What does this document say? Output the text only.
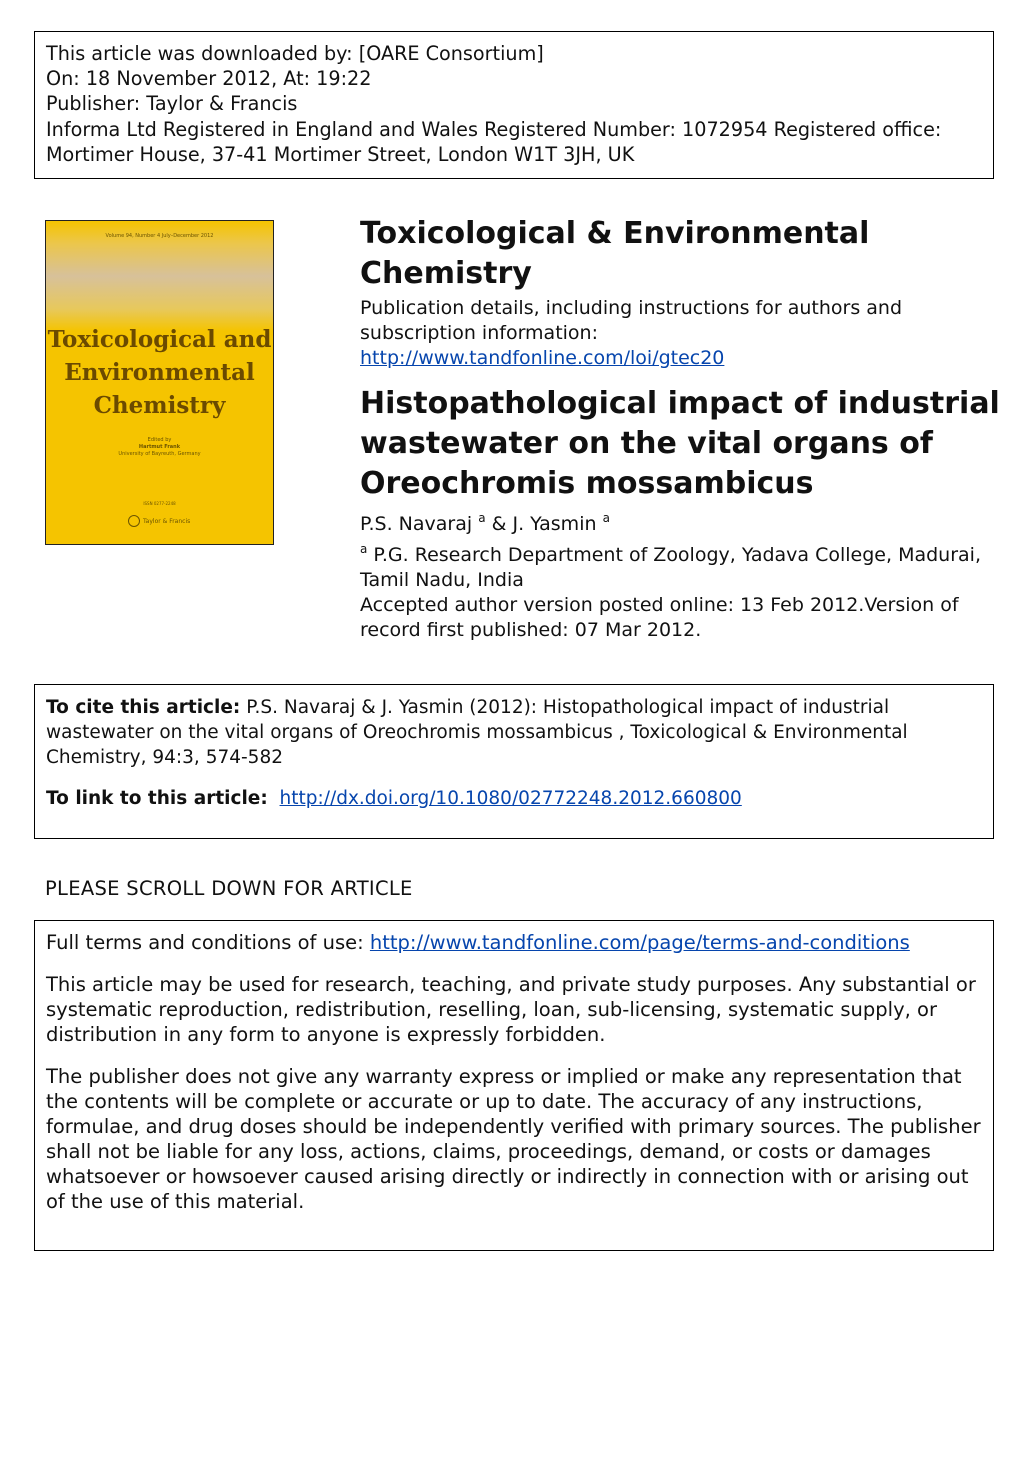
This article was downloaded by: [OARE Consortium]
On: 18 November 2012, At: 19:22
Publisher: Taylor & Francis
Informa Ltd Registered in England and Wales Registered Number: 1072954 Registered office: Mortimer House, 37-41 Mortimer Street, London W1T 3JH, UK
Volume 94, Number 4 July–December 2012
Toxicological and
Environmental
Chemistry
Edited by
Hartmut Frank
University of Bayreuth, Germany
ISSN 0277-2248
Taylor & Francis
Toxicological & Environmental Chemistry
Publication details, including instructions for authors and subscription information:
http://www.tandfonline.com/loi/gtec20
Histopathological impact of industrial wastewater on the vital organs of Oreochromis mossambicus
P.S. Navaraj $^a$ & J. Yasmin $^a$
$^a$ P.G. Research Department of Zoology, Yadava College, Madurai, Tamil Nadu, India
Accepted author version posted online: 13 Feb 2012.Version of record first published: 07 Mar 2012.
To cite this article: P.S. Navaraj & J. Yasmin (2012): Histopathological impact of industrial wastewater on the vital organs of Oreochromis mossambicus , Toxicological & Environmental Chemistry, 94:3, 574-582
To link to this article: http://dx.doi.org/10.1080/02772248.2012.660800
PLEASE SCROLL DOWN FOR ARTICLE

Full terms and conditions of use: http://www.tandfonline.com/page/terms-and-conditions

This article may be used for research, teaching, and private study purposes. Any substantial or systematic reproduction, redistribution, reselling, loan, sub-licensing, systematic supply, or distribution in any form to anyone is expressly forbidden.

The publisher does not give any warranty express or implied or make any representation that the contents will be complete or accurate or up to date. The accuracy of any instructions, formulae, and drug doses should be independently verified with primary sources. The publisher shall not be liable for any loss, actions, claims, proceedings, demand, or costs or damages whatsoever or howsoever caused arising directly or indirectly in connection with or arising out of the use of this material.
